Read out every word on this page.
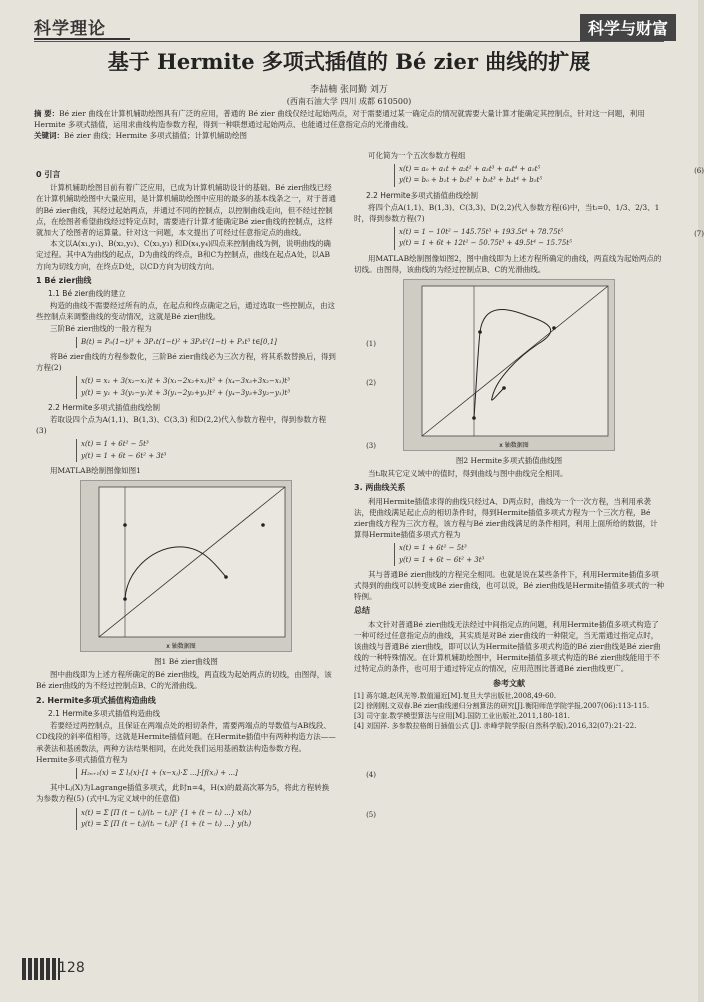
科学理论	科学与财富
基于 Hermite 多项式插值的 Bé zier 曲线的扩展
李喆楠 张同勤 刘万
(西南石油大学 四川 成都 610500)
摘 要：Bé zier 曲线在计算机辅助绘图具有广泛的应用，普通的 Bé zier 曲线仅经过起始两点，对于需要通过某一确定点的情况就需要大量计算才能确定其控制点，针对这一问题，利用 Hermite 多项式插值，运用求曲线构造参数方程，得到一种联想通过起始两点、也能通过任意指定点的光滑曲线。
关键词：Bé zier 曲线；Hermite 多项式插值；计算机辅助绘图
0 引言

计算机辅助绘图目前有着广泛应用，已成为计算机辅助设计的基础。Bé zier曲线已经在计算机辅助绘图中大量应用，是计算机辅助绘图中应用的最多的基本线条之一，对于普通的Bé zier曲线，其经过起始两点，并通过不同的控制点，以控制曲线走向，但不经过控制点，在绘图者希望曲线经过特定点时，需要进行计算才能确定Bé zier曲线的控制点，这样就加大了绘图者的运算量。针对这一问题，本文提出了可经过任意指定点的曲线。

本文以A(x₁,y₁)、B(x₂,y₂)、C(x₃,y₃) 和D(x₄,y₄)四点来控制曲线为例，说明曲线的确定过程。其中A为曲线的起点，D为曲线的终点，B和C为控制点，曲线在起点A处，以AB方向为切线方向，在终点D处，以CD方向为切线方向。

1 Bé zier曲线
1.1 Bé zier曲线的建立

构造的曲线不需要经过所有的点，在起点和终点确定之后，通过选取一些控制点，由这些控制点来调整曲线的变动情况，这就是Bé zier曲线。

三阶Bé zier曲线的一般方程为

B(t) = P₀(1−t)³ + 3P₁t(1−t)² + 3P₂t²(1−t) + P₃t³ t∈[0,1]	(1)

将Bé zier曲线的方程参数化，三阶Bé zier曲线必为三次方程，将其系数替换后，得到方程(2)

x(t) = x₁ + 3(x₂−x₁)t + 3(x₁−2x₂+x₃)t² + (x₄−3x₃+3x₂−x₁)t³
y(t) = y₁ + 3(y₂−y₁)t + 3(y₁−2y₂+y₃)t² + (y₄−3y₃+3y₂−y₁)t³
(2)
2.2 Hermite多项式插值曲线绘制

若取设四个点为A(1,1)、B(1,3)、C(3,3) 和D(2,2)代入参数方程中，得到参数方程(3)

x(t) = 1 + 6t² − 5t³
y(t) = 1 + 6t − 6t² + 3t³
(3)

用MATLAB绘制图像如图1

x 轴数据图
图1 Bé zier曲线图

图中曲线即为上述方程所确定的Bé zier曲线，两直线为起始两点的切线，由图得，该Bé zier曲线的为不经过控制点B、C的光滑曲线。

2. Hermite多项式插值构造曲线
2.1 Hermite多项式插值构造曲线

若要经过两控制点，且保证在两端点处的相切条件，需要两端点的导数值与AB线段、CD线段的斜率值相等，这就是Hermite插值问题。在Hermite插值中有两种构造方法——承袭法和基函数法，两种方法结果相同，在此处我们运用基函数法构造参数方程。Hermite多项式插值方程为

H₂ₙ₊₁(x) = Σ lⱼ(x)·[1 + (x−xⱼ)·Σ ...]·[f(xⱼ) + ...]	(4)

其中Lⱼ(X)为Lagrange插值多项式，此时n=4，H(x)的最高次幂为5，将此方程转换为参数方程(5) (式中L为定义域中的任意值)

x(t) = Σ [Π (t − tⱼ)/(tᵢ − tⱼ)]² {1 + (t − tᵢ) ...} x(tᵢ)
y(t) = Σ [Π (t − tⱼ)/(tᵢ − tⱼ)]² {1 + (t − tᵢ) ...} y(tᵢ)
(5)

可化简为一个五次参数方程组

x(t) = a₀ + a₁t + a₂t² + a₃t³ + a₄t⁴ + a₅t⁵
y(t) = b₀ + b₁t + b₂t² + b₃t³ + b₄t⁴ + b₅t⁵
(6)
2.2 Hermite多项式插值曲线绘制

将四个点A(1,1)、B(1,3)、C(3,3)、D(2,2)代入参数方程(6)中，当tᵢ=0、1/3、2/3、1时，得到参数方程(7)

x(t) = 1 − 10t² − 145.75t³ + 193.5t⁴ + 78.75t⁵
y(t) = 1 + 6t + 12t² − 50.75t³ + 49.5t⁴ − 15.75t⁵
(7)

用MATLAB绘制图像如图2，图中曲线即为上述方程所确定的曲线，两直线为起始两点的切线。由图得，该曲线的为经过控制点B、C的光滑曲线。

x 轴数据图
图2 Hermite多项式插值曲线图

当tᵢ取其它定义域中的值时，得到曲线与图中曲线完全相同。

3. 两曲线关系

利用Hermite插值求得的曲线只经过A、D两点时，曲线为一个一次方程，当利用承袭法，使曲线满足起止点的相切条件时，得到Hermite插值多项式方程为一个三次方程，Bé zier曲线方程为三次方程，该方程与Bé zier曲线满足的条件相同，利用上面所给的数据，计算得Hermite插值多项式方程为

x(t) = 1 + 6t² − 5t³
y(t) = 1 + 6t − 6t² + 3t³

其与普通Bé zier曲线的方程完全相同。也就是说在某些条件下，利用Hermite插值多项式得到的曲线可以转变成Bé zier曲线，也可以说，Bé zier曲线是Hermite插值多项式的一种特例。

总结

本文针对普通Bé zier曲线无法经过中间指定点的问题，利用Hermite插值多项式构造了一种可经过任意指定点的曲线，其实质是对Bé zier曲线的一种限定，当无需通过指定点时，该曲线与普通Bé zier曲线，即可以认为Hermite插值多项式构造的Bé zier曲线是Bé zier曲线的一种特殊情况。在计算机辅助绘图中，Hermite插值多项式构造的Bé zier曲线能用于不过特定点的条件，也可用于通过特定点的情况，应用范围比普通Bé zier曲线更广。

参考文献
[1] 蒋尔雄,赵风光等.数值逼近[M].复旦大学出版社,2008,49-60.
[2] 徐刚刚,文双春.Bé zier曲线递归分割算法的研究[J].衡阳师范学院学报,2007(06):113-115.
[3] 司守奎.数学模型算法与应用[M].国防工业出版社,2011,180-181.
[4] 刘国祥. 多参数拉格朗日插值公式 [J]. 赤峰学院学报(自然科学版),2016,32(07):21-22.
128
